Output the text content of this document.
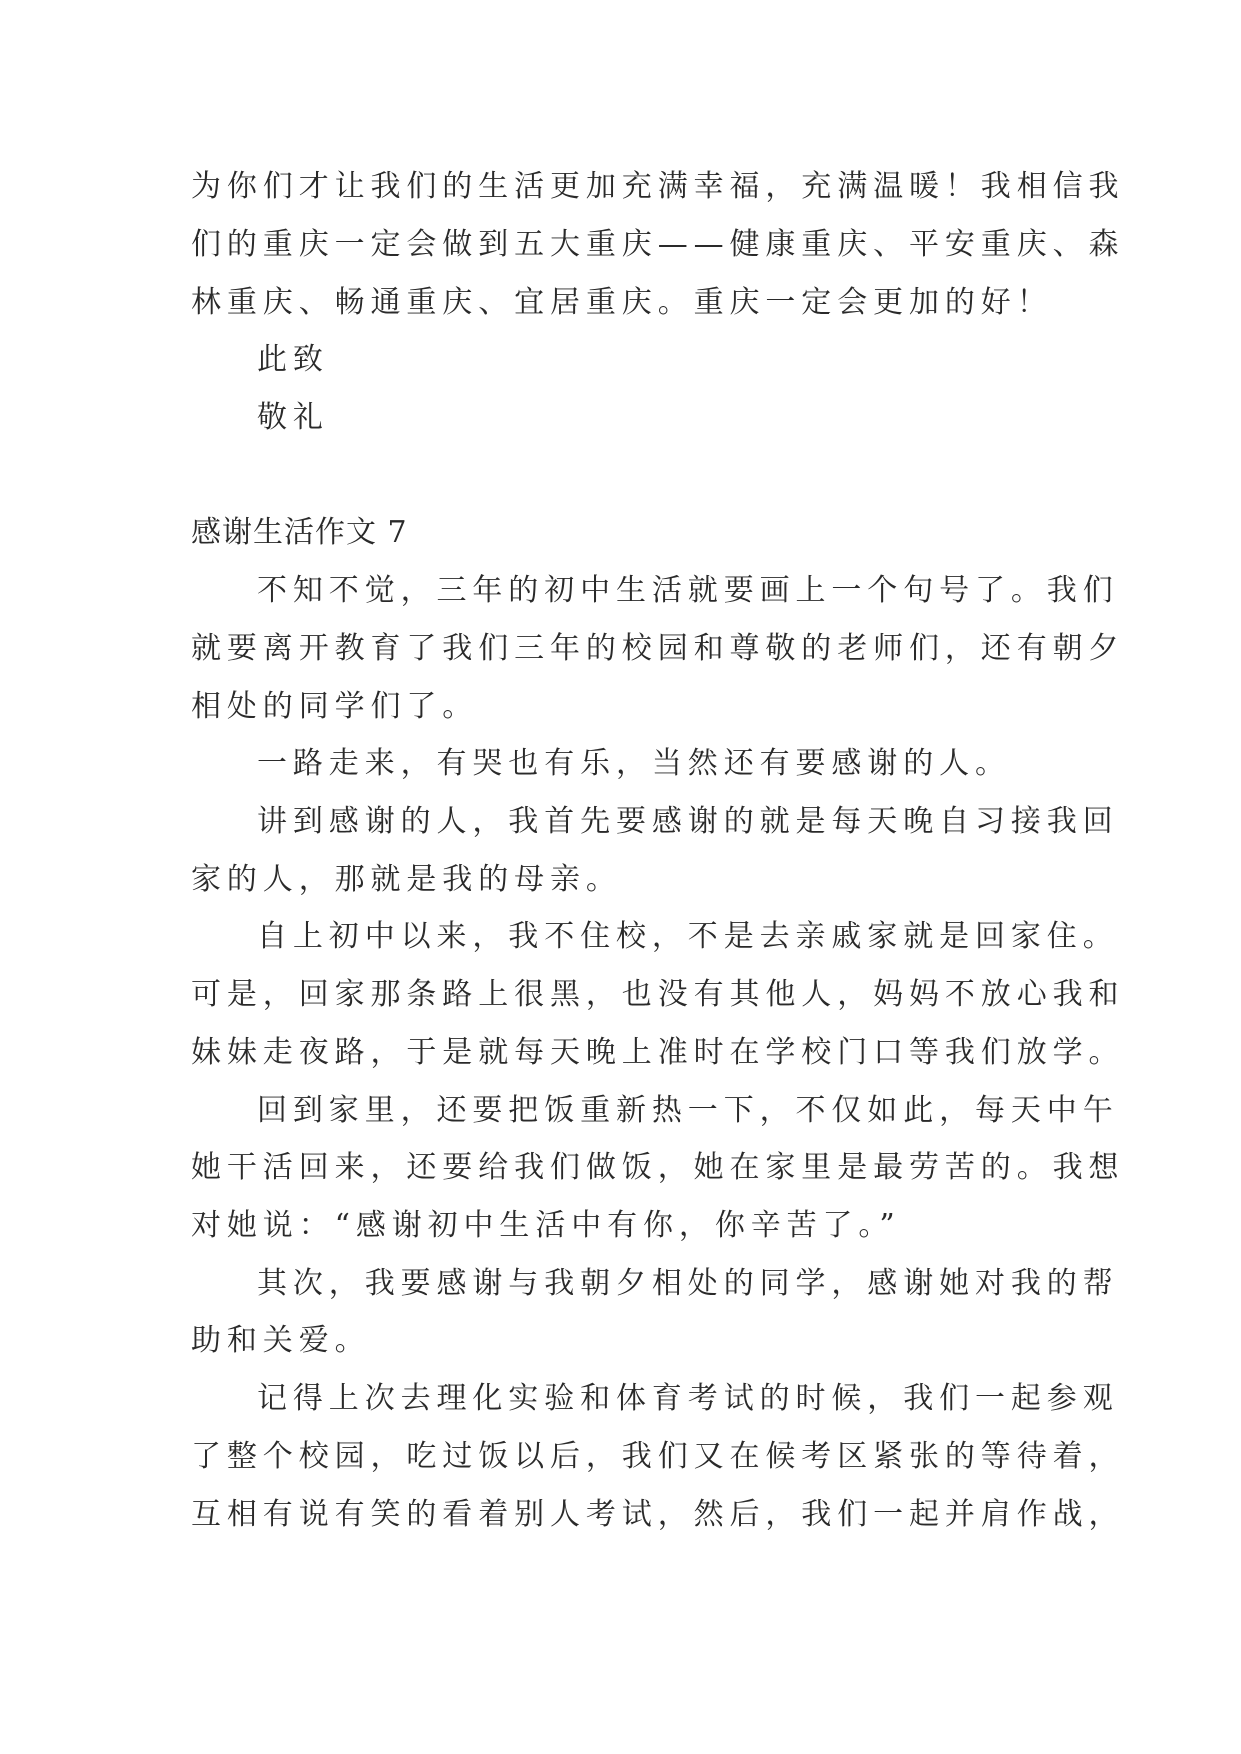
为你们才让我们的生活更加充满幸福，充满温暖！我相信我
们的重庆一定会做到五大重庆——健康重庆、平安重庆、森
林重庆、畅通重庆、宜居重庆。重庆一定会更加的好！
此致
敬礼
感谢生活作文 7
不知不觉，三年的初中生活就要画上一个句号了。我们
就要离开教育了我们三年的校园和尊敬的老师们，还有朝夕
相处的同学们了。
一路走来，有哭也有乐，当然还有要感谢的人。
讲到感谢的人，我首先要感谢的就是每天晚自习接我回
家的人，那就是我的母亲。
自上初中以来，我不住校，不是去亲戚家就是回家住。
可是，回家那条路上很黑，也没有其他人，妈妈不放心我和
妹妹走夜路，于是就每天晚上准时在学校门口等我们放学。
回到家里，还要把饭重新热一下，不仅如此，每天中午
她干活回来，还要给我们做饭，她在家里是最劳苦的。我想
对她说：“感谢初中生活中有你，你辛苦了。”
其次，我要感谢与我朝夕相处的同学，感谢她对我的帮
助和关爱。
记得上次去理化实验和体育考试的时候，我们一起参观
了整个校园，吃过饭以后，我们又在候考区紧张的等待着，
互相有说有笑的看着别人考试，然后，我们一起并肩作战，
